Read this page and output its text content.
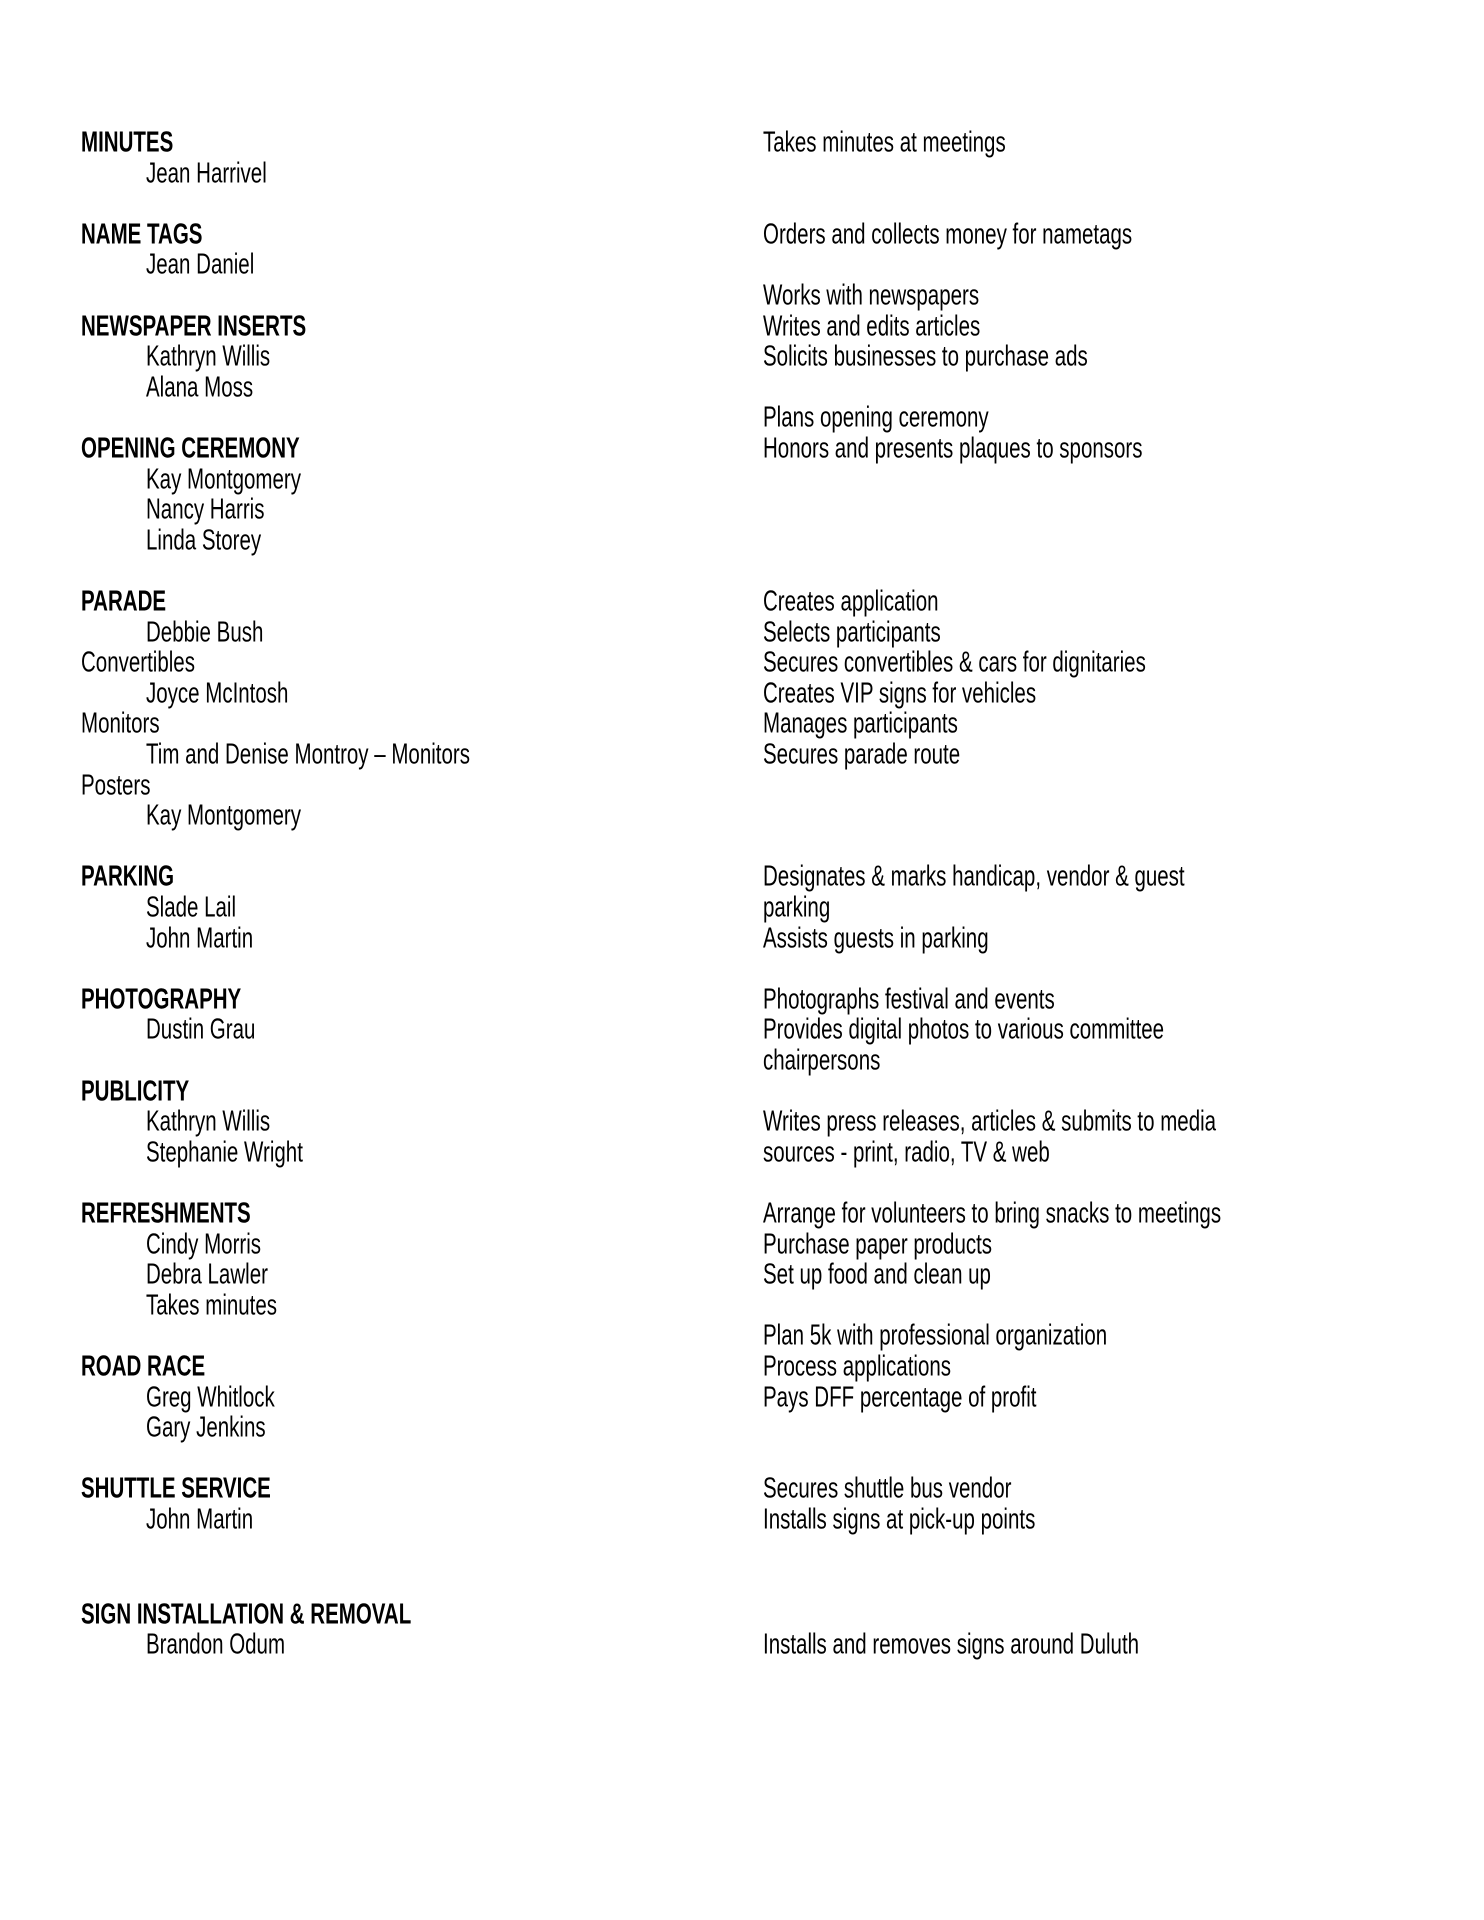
MINUTES
Jean Harrivel
Takes minutes at meetings
NAME TAGS
Jean Daniel
Orders and collects money for nametags
NEWSPAPER INSERTS
Kathryn Willis
Alana Moss
Works with newspapers
Writes and edits articles
Solicits businesses to purchase ads
OPENING CEREMONY
Kay Montgomery
Nancy Harris
Linda Storey
Plans opening ceremony
Honors and presents plaques to sponsors
PARADE
Debbie Bush
Convertibles
Joyce McIntosh
Monitors
Tim and Denise Montroy – Monitors
Posters
Kay Montgomery
Creates application
Selects participants
Secures convertibles & cars for dignitaries
Creates VIP signs for vehicles
Manages participants
Secures parade route
PARKING
Slade Lail
John Martin
Designates & marks handicap, vendor & guest
parking
Assists guests in parking
PHOTOGRAPHY
Dustin Grau
Photographs festival and events
Provides digital photos to various committee
chairpersons
PUBLICITY
Kathryn Willis
Stephanie Wright
Writes press releases, articles & submits to media
sources - print, radio, TV & web
REFRESHMENTS
Cindy Morris
Debra Lawler
Takes minutes
Arrange for volunteers to bring snacks to meetings
Purchase paper products
Set up food and clean up
ROAD RACE
Greg Whitlock
Gary Jenkins
Plan 5k with professional organization
Process applications
Pays DFF percentage of profit
SHUTTLE SERVICE
John Martin
Secures shuttle bus vendor
Installs signs at pick-up points
SIGN INSTALLATION & REMOVAL
Brandon Odum	Installs and removes signs around Duluth
